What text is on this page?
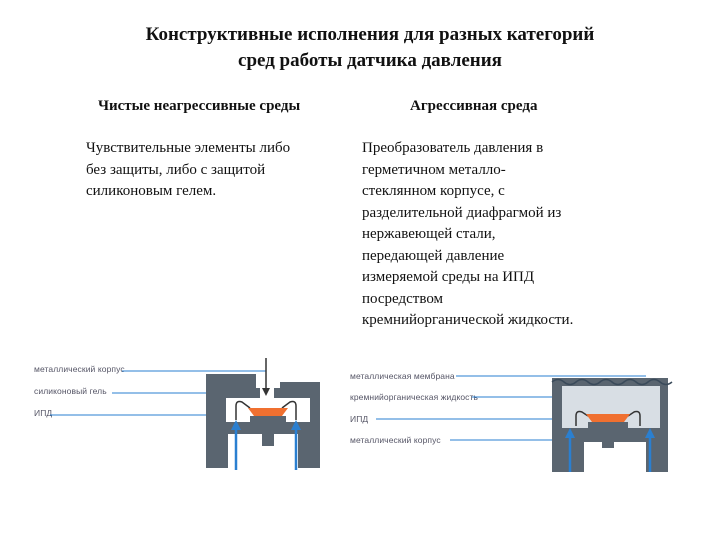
Конструктивные исполнения для разных категорий
сред работы датчика давления
Чистые неагрессивные среды	Агрессивная среда
Чувствительные элементы либо
без защиты, либо с защитой
силиконовым гелем.
Преобразователь давления в
герметичном металло-
стеклянном корпусе, с
разделительной диафрагмой из
нержавеющей стали,
передающей давление
измеряемой среды на ИПД
посредством
кремнийорганической жидкости.
металлический корпус
силиконовый гель
ИПД
металлическая мембрана
кремнийорганическая жидкость
ИПД
металлический корпус
